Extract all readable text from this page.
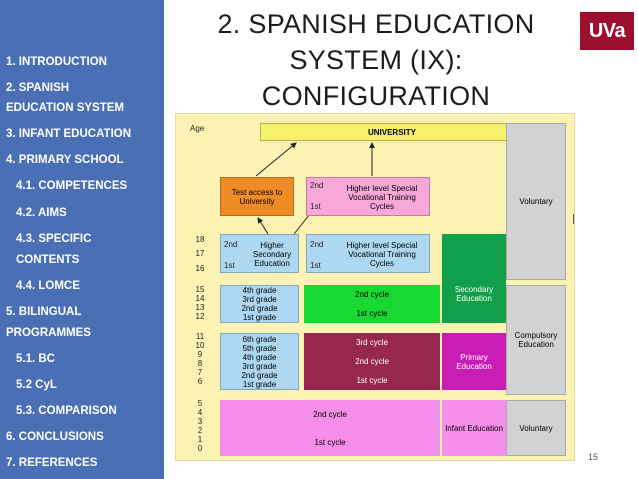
1. INTRODUCTION
2. SPANISH
EDUCATION SYSTEM
3. INFANT EDUCATION
4. PRIMARY SCHOOL
4.1. COMPETENCES
4.2. AIMS
4.3. SPECIFIC
CONTENTS
4.4. LOMCE
5. BILINGUAL
PROGRAMMES
5.1. BC
5.2 CyL
5.3. COMPARISON
6. CONCLUSIONS
7. REFERENCES
2. SPANISH EDUCATION
SYSTEM (IX):
CONFIGURATION
UVa
Age	UNIVERSITY
Test access to University
2nd
1st
Higher level Special Vocational Training Cycles
18
17
16
2nd
1st
Higher Secondary Education
2nd
1st
Higher level Special Vocational Training Cycles
15
14
13
12
4th grade
3rd grade
2nd grade
1st grade
2nd cycle
1st cycle
11
10
9
8
7
6
6th grade
5th grade
4th grade
3rd grade
2nd grade
1st grade
3rd cycle
2nd cycle
1st cycle
5
4
3
2
1
0
2nd cycle
1st cycle
Secondary Education
Primary Education
Infant Education
Voluntary
Compulsory Education
Voluntary
15
